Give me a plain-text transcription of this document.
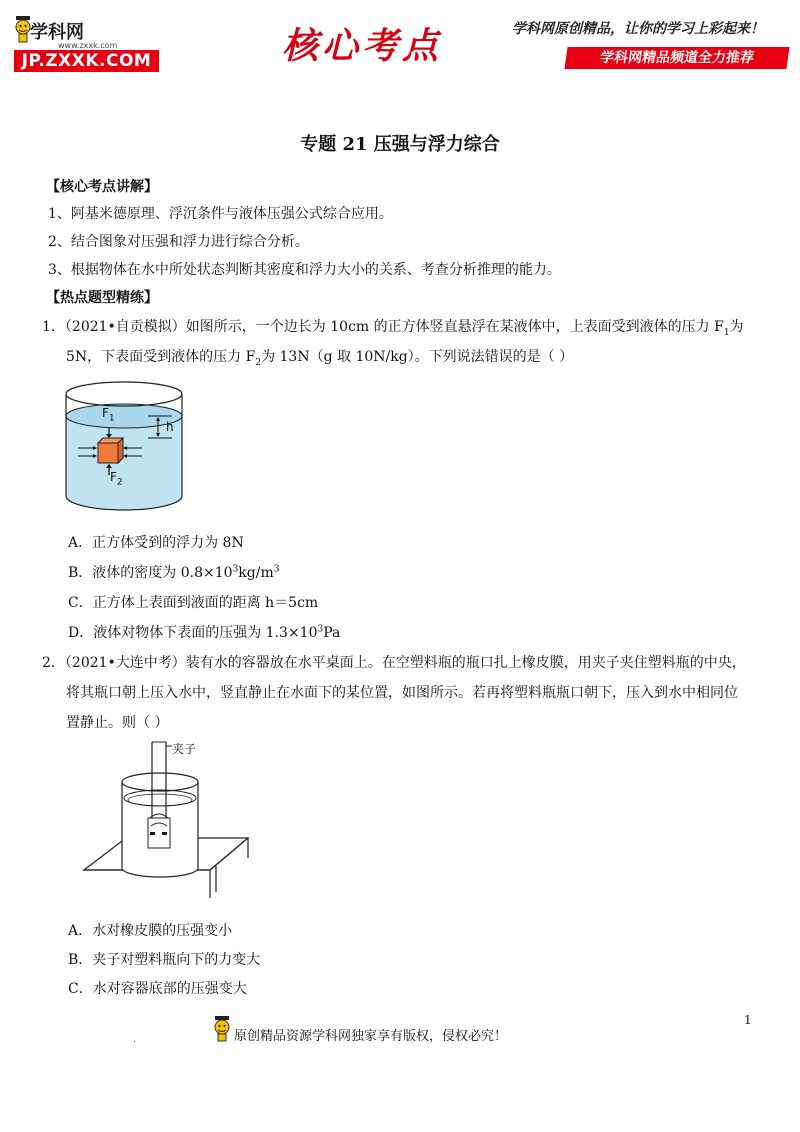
学科网
www.zxxk.com
JP.ZXXK.COM	核心考点	学科网原创精品，让你的学习上彩起来！
学科网精品频道全力推荐
专题 21 压强与浮力综合
【核心考点讲解】
1、阿基米德原理、浮沉条件与液体压强公式综合应用。
2、结合图象对压强和浮力进行综合分析。
3、根据物体在水中所处状态判断其密度和浮力大小的关系、考查分析推理的能力。
【热点题型精练】
1．（2021•自贡模拟）如图所示，一个边长为 10cm 的正方体竖直悬浮在某液体中，上表面受到液体的压力 $F_1$为
5N，下表面受到液体的压力 $F_2$为 13N（g 取 10N/kg）。下列说法错误的是（ ）
$F_1$
$F_2$
h
A．正方体受到的浮力为 8N
B．液体的密度为 $0.8\times 10^3kg/m^3$
C．正方体上表面到液面的距离 h＝5cm
D．液体对物体下表面的压强为 $1.3\times 10^3Pa$
2．（2021•大连中考）装有水的容器放在水平桌面上。在空塑料瓶的瓶口扎上橡皮膜，用夹子夹住塑料瓶的中央，
将其瓶口朝上压入水中，竖直静止在水面下的某位置，如图所示。若再将塑料瓶瓶口朝下，压入到水中相同位
置静止。则（ ）
夹子
A．水对橡皮膜的压强变小
B．夹子对塑料瓶向下的力变大
C．水对容器底部的压强变大
1
.	原创精品资源学科网独家享有版权，侵权必究！
